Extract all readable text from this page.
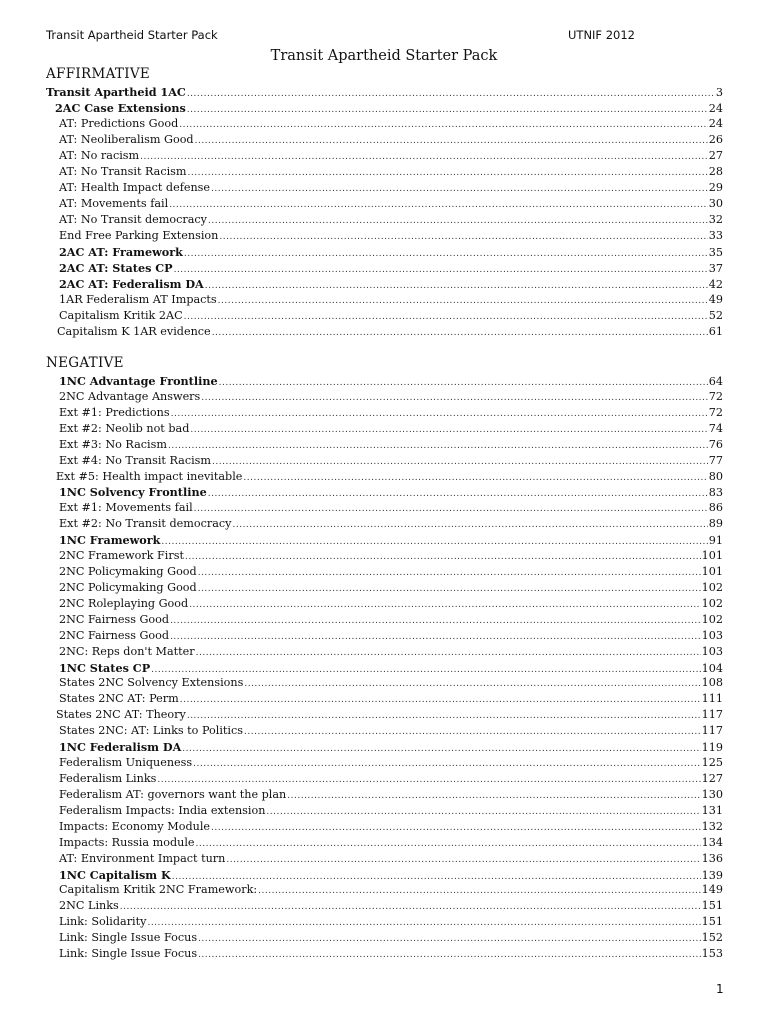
Transit Apartheid Starter Pack	UTNIF 2012
Transit Apartheid Starter Pack
AFFIRMATIVE
Transit Apartheid 1AC .....	3
2AC Case Extensions .....	24
AT: Predictions Good .....	24
AT: Neoliberalism Good .....	26
AT: No racism .....	27
AT: No Transit Racism .....	28
AT: Health Impact defense .....	29
AT: Movements fail .....	30
AT: No Transit democracy .....	32
End Free Parking Extension .....	33
2AC AT: Framework .....	35
2AC AT: States CP .....	37
2AC AT: Federalism DA .....	42
1AR Federalism AT Impacts .....	49
Capitalism Kritik 2AC .....	52
Capitalism K 1AR evidence .....	61
NEGATIVE
1NC Advantage Frontline .....	64
2NC Advantage Answers .....	72
Ext #1: Predictions .....	72
Ext #2: Neolib not bad .....	74
Ext #3: No Racism .....	76
Ext #4: No Transit Racism .....	77
Ext #5: Health impact inevitable .....	80
1NC Solvency Frontline .....	83
Ext #1: Movements fail .....	86
Ext #2: No Transit democracy .....	89
1NC Framework .....	91
2NC Framework First .....	101
2NC Policymaking Good .....	101
2NC Policymaking Good .....	102
2NC Roleplaying Good .....	102
2NC Fairness Good .....	102
2NC Fairness Good .....	103
2NC: Reps don't Matter .....	103
1NC States CP .....	104
States 2NC Solvency Extensions .....	108
States 2NC AT: Perm .....	111
States 2NC AT: Theory .....	117
States 2NC: AT: Links to Politics .....	117
1NC Federalism DA .....	119
Federalism Uniqueness .....	125
Federalism Links .....	127
Federalism AT: governors want the plan .....	130
Federalism Impacts: India extension .....	131
Impacts: Economy Module .....	132
Impacts: Russia module .....	134
AT: Environment Impact turn .....	136
1NC Capitalism K .....	139
Capitalism Kritik 2NC Framework: .....	149
2NC Links .....	151
Link: Solidarity .....	151
Link: Single Issue Focus .....	152
Link: Single Issue Focus .....	153
1
